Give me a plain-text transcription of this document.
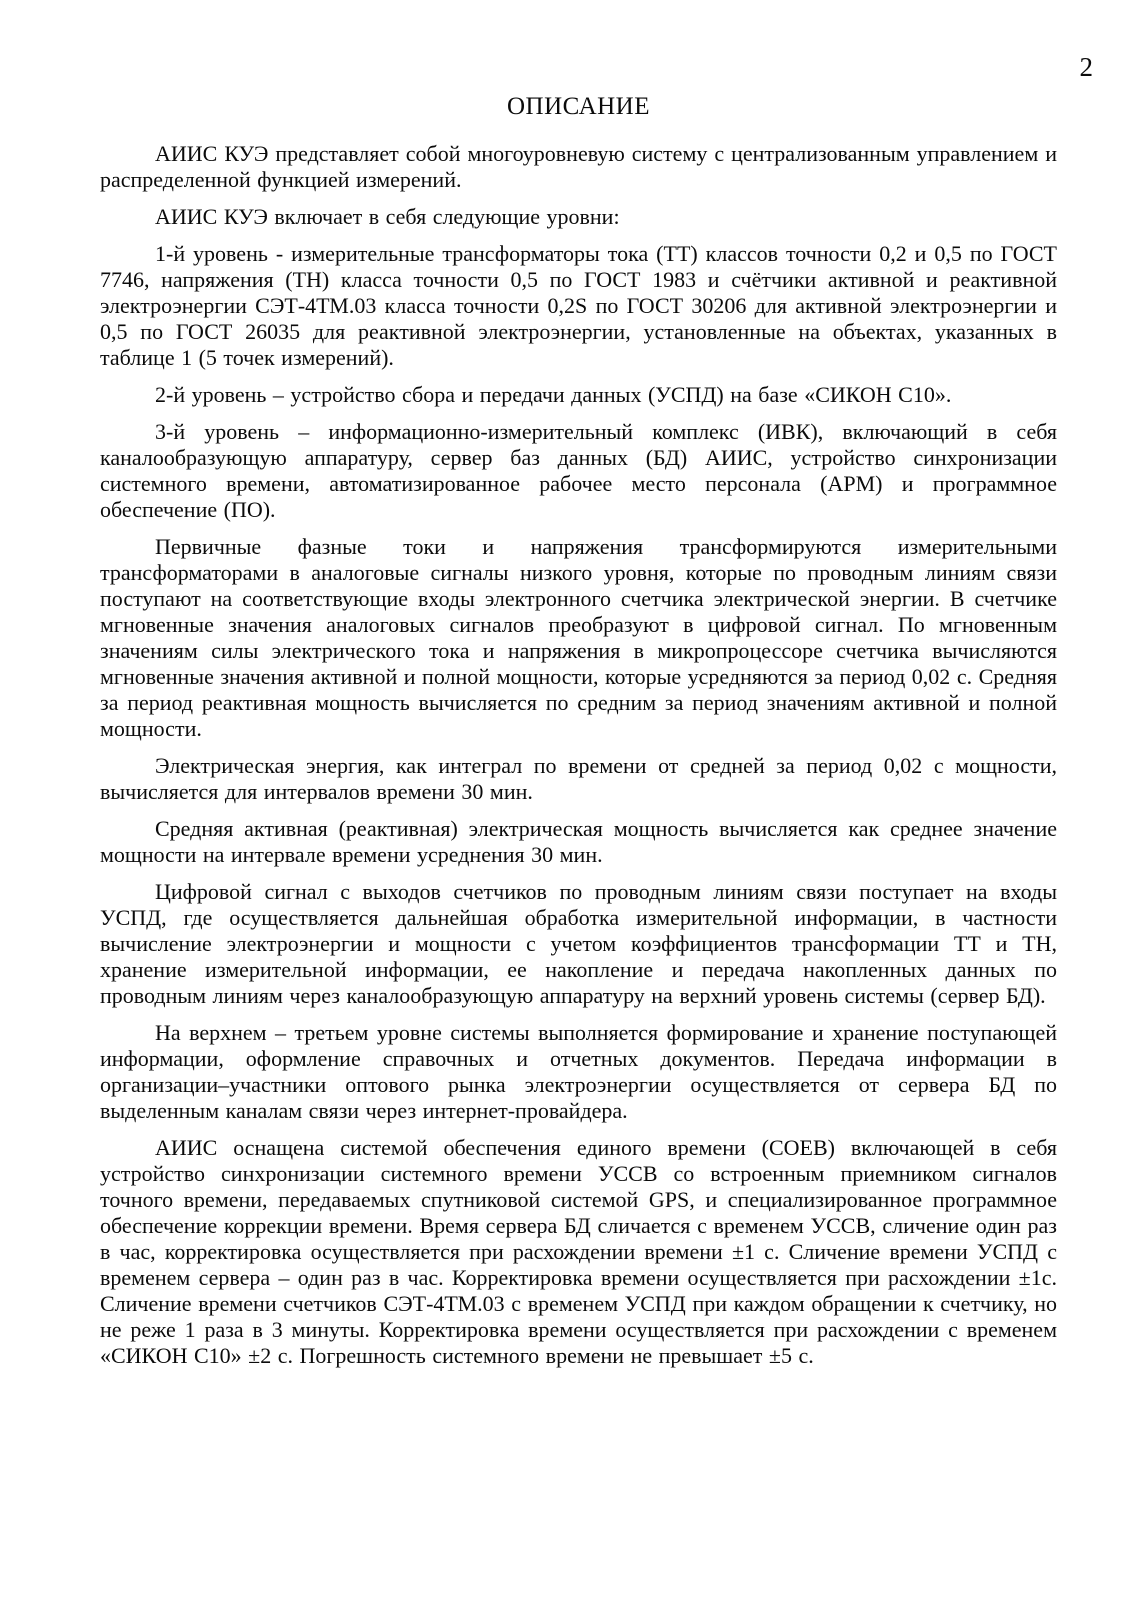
2
ОПИСАНИЕ

АИИС КУЭ представляет собой многоуровневую систему с централизованным управлением и распределенной функцией измерений.

АИИС КУЭ включает в себя следующие уровни:

1-й уровень - измерительные трансформаторы тока (ТТ) классов точности 0,2 и 0,5 по ГОСТ 7746, напряжения (ТН) класса точности 0,5 по ГОСТ 1983 и счётчики активной и реактивной электроэнергии СЭТ-4ТМ.03 класса точности 0,2S по ГОСТ 30206 для активной электроэнергии и 0,5 по ГОСТ 26035 для реактивной электроэнергии, установленные на объектах, указанных в таблице 1 (5 точек измерений).

2-й уровень – устройство сбора и передачи данных (УСПД) на базе «СИКОН С10».

3-й уровень – информационно-измерительный комплекс (ИВК), включающий в себя каналообразующую аппаратуру, сервер баз данных (БД) АИИС, устройство синхронизации системного времени, автоматизированное рабочее место персонала (АРМ) и программное обеспечение (ПО).

Первичные фазные токи и напряжения трансформируются измерительными трансформаторами в аналоговые сигналы низкого уровня, которые по проводным линиям связи поступают на соответствующие входы электронного счетчика электрической энергии. В счетчике мгновенные значения аналоговых сигналов преобразуют в цифровой сигнал. По мгновенным значениям силы электрического тока и напряжения в микропроцессоре счетчика вычисляются мгновенные значения активной и полной мощности, которые усредняются за период 0,02 с. Средняя за период реактивная мощность вычисляется по средним за период значениям активной и полной мощности.

Электрическая энергия, как интеграл по времени от средней за период 0,02 с мощности, вычисляется для интервалов времени 30 мин.

Средняя активная (реактивная) электрическая мощность вычисляется как среднее значение мощности на интервале времени усреднения 30 мин.

Цифровой сигнал с выходов счетчиков по проводным линиям связи поступает на входы УСПД, где осуществляется дальнейшая обработка измерительной информации, в частности вычисление электроэнергии и мощности с учетом коэффициентов трансформации ТТ и ТН, хранение измерительной информации, ее накопление и передача накопленных данных по проводным линиям через каналообразующую аппаратуру на верхний уровень системы (сервер БД).

На верхнем – третьем уровне системы выполняется формирование и хранение поступающей информации, оформление справочных и отчетных документов. Передача информации в организации–участники оптового рынка электроэнергии осуществляется от сервера БД по выделенным каналам связи через интернет-провайдера.

АИИС оснащена системой обеспечения единого времени (СОЕВ) включающей в себя устройство синхронизации системного времени УССВ со встроенным приемником сигналов точного времени, передаваемых спутниковой системой GPS, и специализированное программное обеспечение коррекции времени. Время сервера БД сличается с временем УССВ, сличение один раз в час, корректировка осуществляется при расхождении времени ±1 с. Сличение времени УСПД с временем сервера – один раз в час. Корректировка времени осуществляется при расхождении ±1с. Сличение времени счетчиков СЭТ-4ТМ.03 с временем УСПД при каждом обращении к счетчику, но не реже 1 раза в 3 минуты. Корректировка времени осуществляется при расхождении с временем «СИКОН С10» ±2 с. Погрешность системного времени не превышает ±5 с.
